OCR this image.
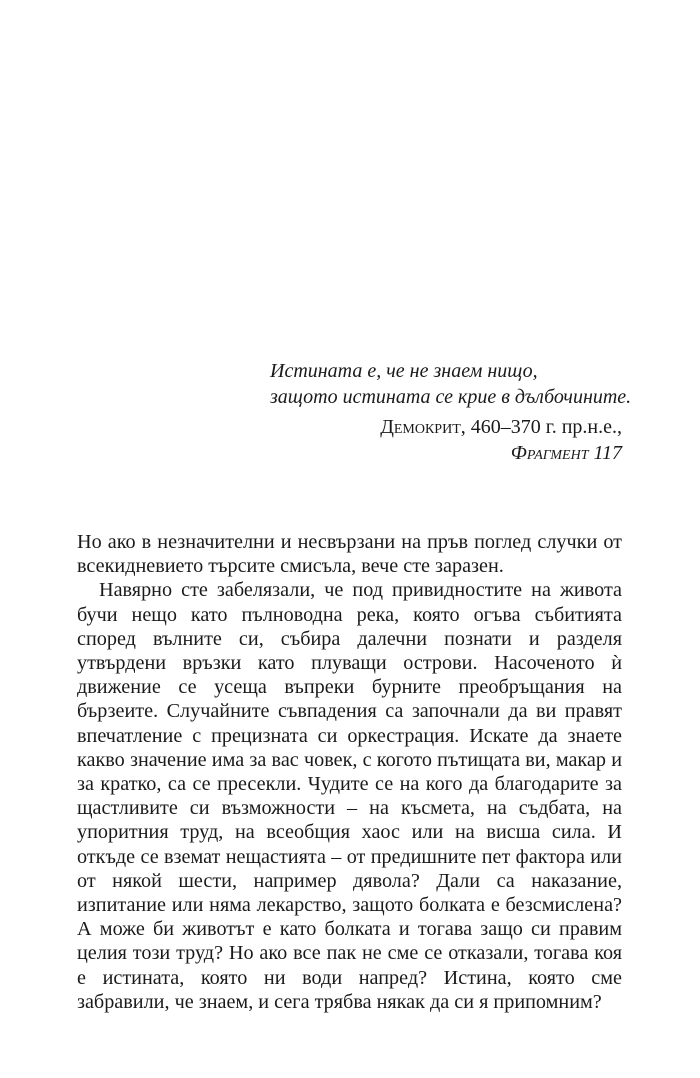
Истината е, че не знаем нищо,

защото истината се крие в дълбочините.

Демокрит, 460–370 г. пр.н.е.,
Фрагмент 117

Но ако в незначителни и несвързани на пръв поглед случки от всекидневието търсите смисъла, вече сте заразен.

Навярно сте забелязали, че под привидностите на живота бучи нещо като пълноводна река, която огъва събитията според вълните си, събира далечни познати и разделя утвърдени връзки като плуващи острови. Насоченото ѝ движение се усеща въпреки бурните преобръщания на бързеите. Случайните съвпадения са започнали да ви правят впечатление с прецизната си оркестрация. Искате да знаете какво значение има за вас човек, с когото пътищата ви, макар и за кратко, са се пресекли. Чудите се на кого да благодарите за щастливите си възможности – на късмета, на съдбата, на упоритния труд, на всеобщия хаос или на висша сила. И откъде се вземат нещастията – от предишните пет фактора или от някой шести, например дявола? Дали са наказание, изпитание или няма лекарство, защото болката е безсмислена? А може би животът е като болката и тогава защо си правим целия този труд? Но ако все пак не сме се отказали, тогава коя е истината, която ни води напред? Истина, която сме забравили, че знаем, и сега трябва някак да си я припомним?
